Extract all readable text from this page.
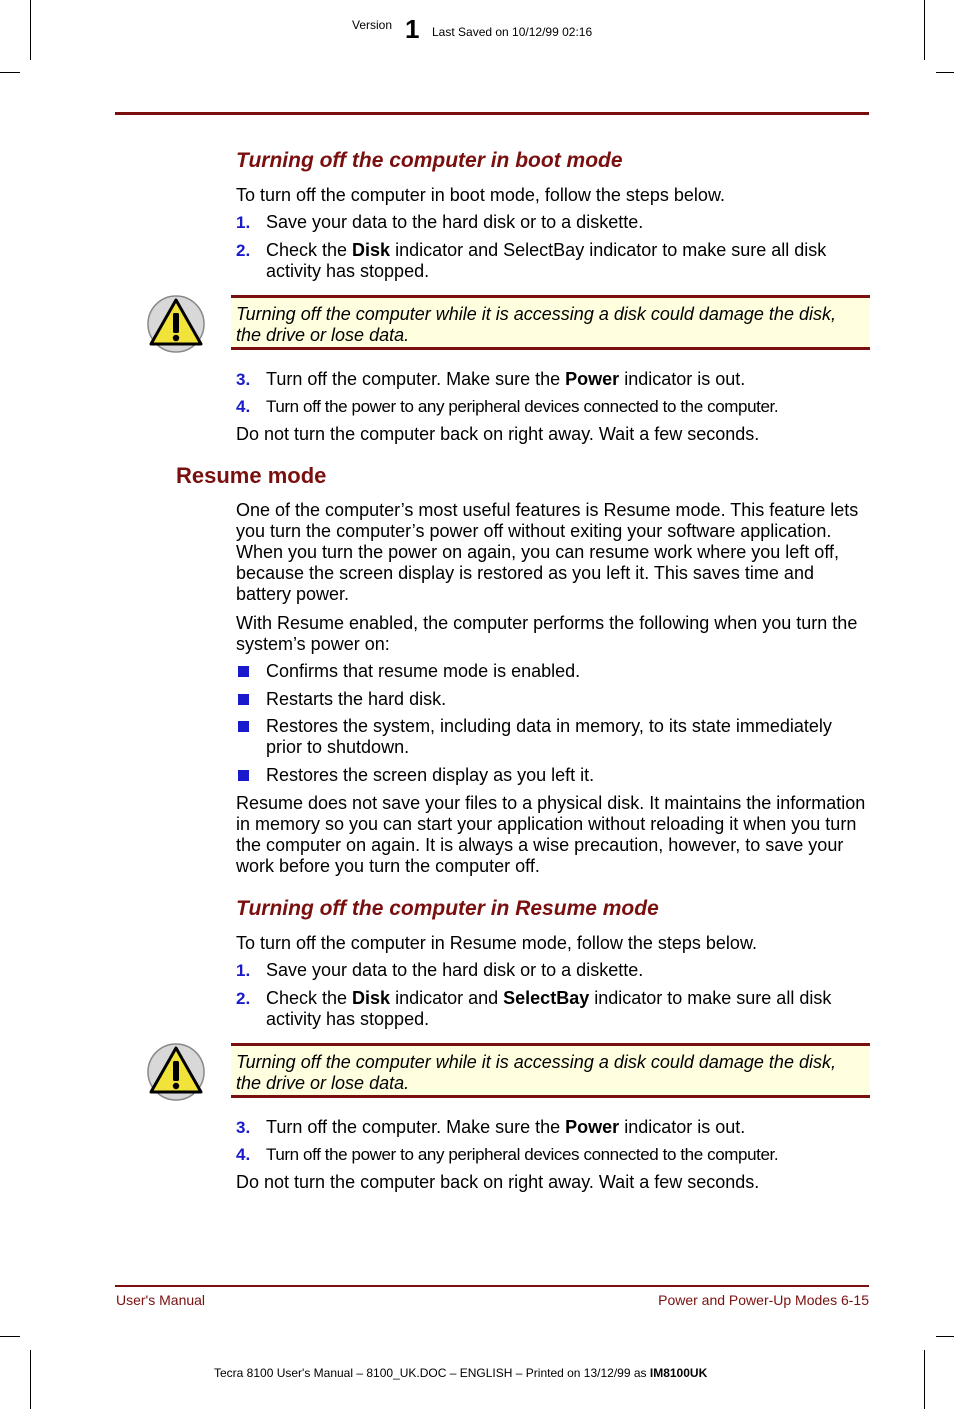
Version 1 Last Saved on 10/12/99 02:16
Turning off the computer in boot mode
To turn off the computer in boot mode, follow the steps below.
1. Save your data to the hard disk or to a diskette.
2. Check the Disk indicator and SelectBay indicator to make sure all disk activity has stopped.
Turning off the computer while it is accessing a disk could damage the disk, the drive or lose data.
3. Turn off the computer. Make sure the Power indicator is out.
4. Turn off the power to any peripheral devices connected to the computer.
Do not turn the computer back on right away. Wait a few seconds.
Resume mode
One of the computer’s most useful features is Resume mode. This feature lets you turn the computer’s power off without exiting your software application. When you turn the power on again, you can resume work where you left off, because the screen display is restored as you left it. This saves time and battery power.
With Resume enabled, the computer performs the following when you turn the system’s power on:
Confirms that resume mode is enabled.
Restarts the hard disk.
Restores the system, including data in memory, to its state immediately prior to shutdown.
Restores the screen display as you left it.
Resume does not save your files to a physical disk. It maintains the information in memory so you can start your application without reloading it when you turn the computer on again. It is always a wise precaution, however, to save your work before you turn the computer off.
Turning off the computer in Resume mode
To turn off the computer in Resume mode, follow the steps below.
1. Save your data to the hard disk or to a diskette.
2. Check the Disk indicator and SelectBay indicator to make sure all disk activity has stopped.
Turning off the computer while it is accessing a disk could damage the disk, the drive or lose data.
3. Turn off the computer. Make sure the Power indicator is out.
4. Turn off the power to any peripheral devices connected to the computer.
Do not turn the computer back on right away. Wait a few seconds.
User's Manual	Power and Power-Up Modes 6-15
Tecra 8100 User's Manual – 8100_UK.DOC – ENGLISH – Printed on 13/12/99 as IM8100UK
